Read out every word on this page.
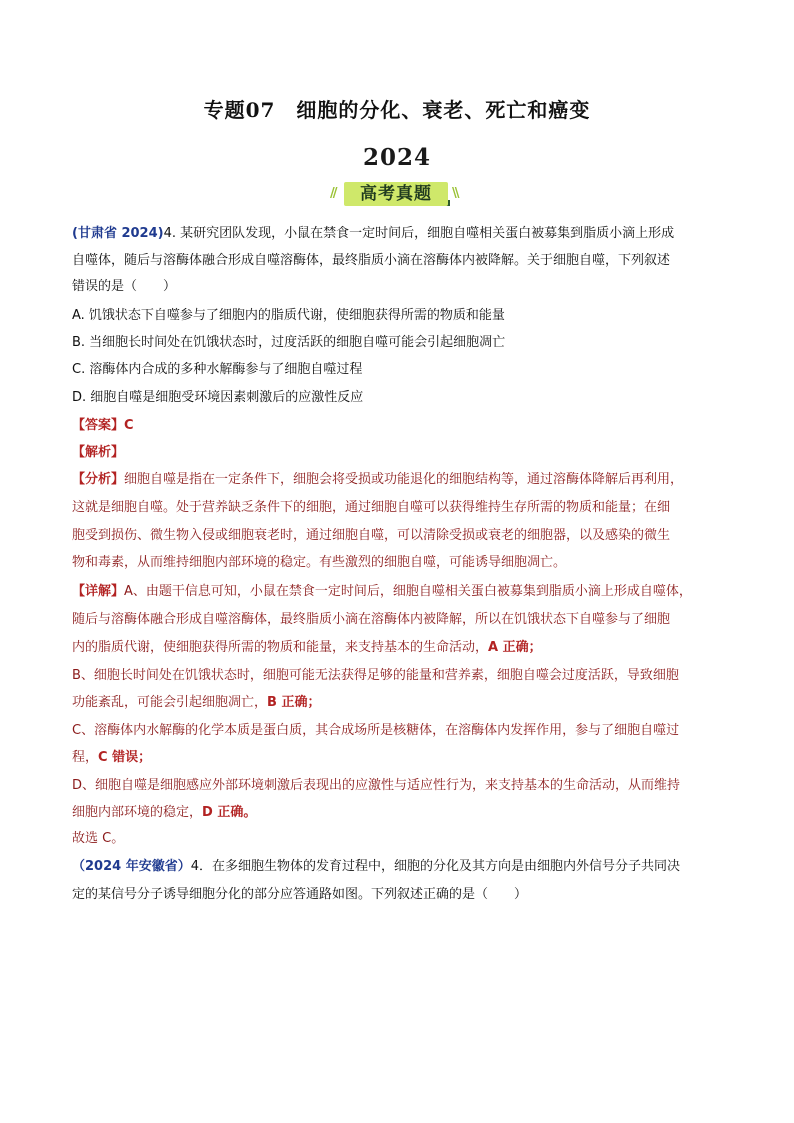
专题07　细胞的分化、衰老、死亡和癌变
2024
//	高考真题	\\
(甘肃省 2024)4. 某研究团队发现，小鼠在禁食一定时间后，细胞自噬相关蛋白被募集到脂质小滴上形成
自噬体，随后与溶酶体融合形成自噬溶酶体，最终脂质小滴在溶酶体内被降解。关于细胞自噬，下列叙述
错误的是（　　）
A. 饥饿状态下自噬参与了细胞内的脂质代谢，使细胞获得所需的物质和能量
B. 当细胞长时间处在饥饿状态时，过度活跃的细胞自噬可能会引起细胞凋亡
C. 溶酶体内合成的多种水解酶参与了细胞自噬过程
D. 细胞自噬是细胞受环境因素刺激后的应激性反应
【答案】C
【解析】
【分析】细胞自噬是指在一定条件下，细胞会将受损或功能退化的细胞结构等，通过溶酶体降解后再利用，
这就是细胞自噬。处于营养缺乏条件下的细胞，通过细胞自噬可以获得维持生存所需的物质和能量；在细
胞受到损伤、微生物入侵或细胞衰老时，通过细胞自噬，可以清除受损或衰老的细胞器，以及感染的微生
物和毒素，从而维持细胞内部环境的稳定。有些激烈的细胞自噬，可能诱导细胞凋亡。
【详解】A、由题干信息可知，小鼠在禁食一定时间后，细胞自噬相关蛋白被募集到脂质小滴上形成自噬体，
随后与溶酶体融合形成自噬溶酶体，最终脂质小滴在溶酶体内被降解，所以在饥饿状态下自噬参与了细胞
内的脂质代谢，使细胞获得所需的物质和能量，来支持基本的生命活动，A 正确；
B、细胞长时间处在饥饿状态时，细胞可能无法获得足够的能量和营养素，细胞自噬会过度活跃，导致细胞
功能紊乱，可能会引起细胞凋亡，B 正确；
C、溶酶体内水解酶的化学本质是蛋白质，其合成场所是核糖体，在溶酶体内发挥作用，参与了细胞自噬过
程，C 错误；
D、细胞自噬是细胞感应外部环境刺激后表现出的应激性与适应性行为，来支持基本的生命活动，从而维持
细胞内部环境的稳定，D 正确。
故选 C。
（2024 年安徽省）4．在多细胞生物体的发育过程中，细胞的分化及其方向是由细胞内外信号分子共同决
定的某信号分子诱导细胞分化的部分应答通路如图。下列叙述正确的是（　　）
